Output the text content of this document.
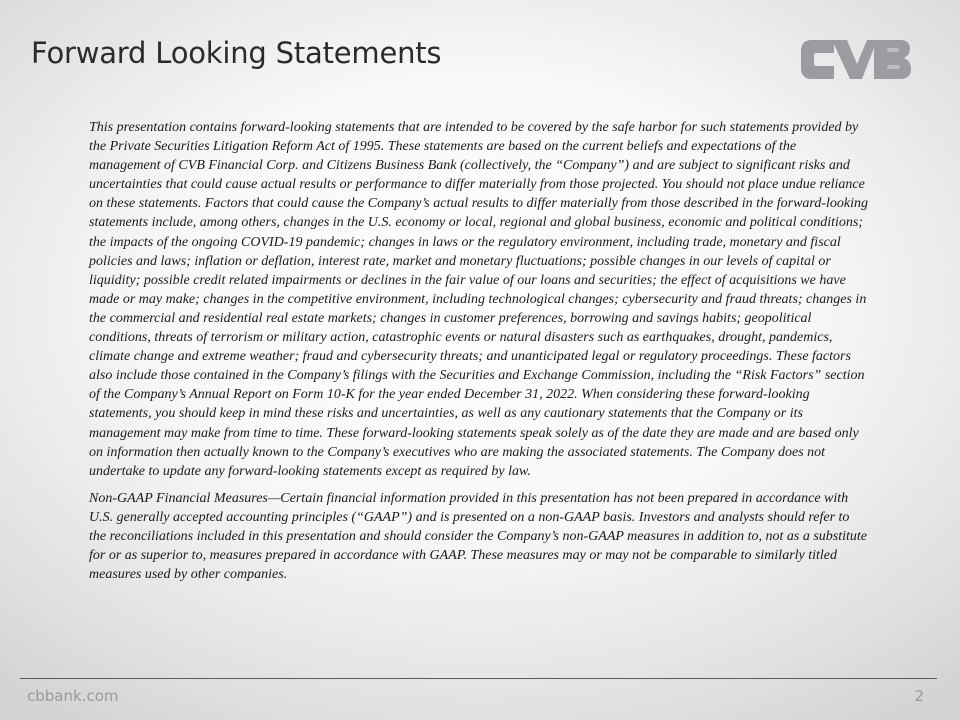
Forward Looking Statements

This presentation contains forward-looking statements that are intended to be covered by the safe harbor for such statements provided by the Private Securities Litigation Reform Act of 1995. These statements are based on the current beliefs and expectations of the management of CVB Financial Corp. and Citizens Business Bank (collectively, the “Company”) and are subject to significant risks and uncertainties that could cause actual results or performance to differ materially from those projected. You should not place undue reliance on these statements. Factors that could cause the Company’s actual results to differ materially from those described in the forward-looking statements include, among others, changes in the U.S. economy or local, regional and global business, economic and political conditions; the impacts of the ongoing COVID-19 pandemic; changes in laws or the regulatory environment, including trade, monetary and fiscal policies and laws; inflation or deflation, interest rate, market and monetary fluctuations; possible changes in our levels of capital or liquidity; possible credit related impairments or declines in the fair value of our loans and securities; the effect of acquisitions we have made or may make; changes in the competitive environment, including technological changes; cybersecurity and fraud threats; changes in the commercial and residential real estate markets; changes in customer preferences, borrowing and savings habits; geopolitical conditions, threats of terrorism or military action, catastrophic events or natural disasters such as earthquakes, drought, pandemics, climate change and extreme weather; fraud and cybersecurity threats; and unanticipated legal or regulatory proceedings. These factors also include those contained in the Company’s filings with the Securities and Exchange Commission, including the “Risk Factors” section of the Company’s Annual Report on Form 10-K for the year ended December 31, 2022. When considering these forward-looking statements, you should keep in mind these risks and uncertainties, as well as any cautionary statements that the Company or its management may make from time to time. These forward-looking statements speak solely as of the date they are made and are based only on information then actually known to the Company’s executives who are making the associated statements. The Company does not undertake to update any forward-looking statements except as required by law.

Non-GAAP Financial Measures—Certain financial information provided in this presentation has not been prepared in accordance with U.S. generally accepted accounting principles (“GAAP”) and is presented on a non-GAAP basis. Investors and analysts should refer to the reconciliations included in this presentation and should consider the Company’s non-GAAP measures in addition to, not as a substitute for or as superior to, measures prepared in accordance with GAAP. These measures may or may not be comparable to similarly titled measures used by other companies.

cbbank.com	2
